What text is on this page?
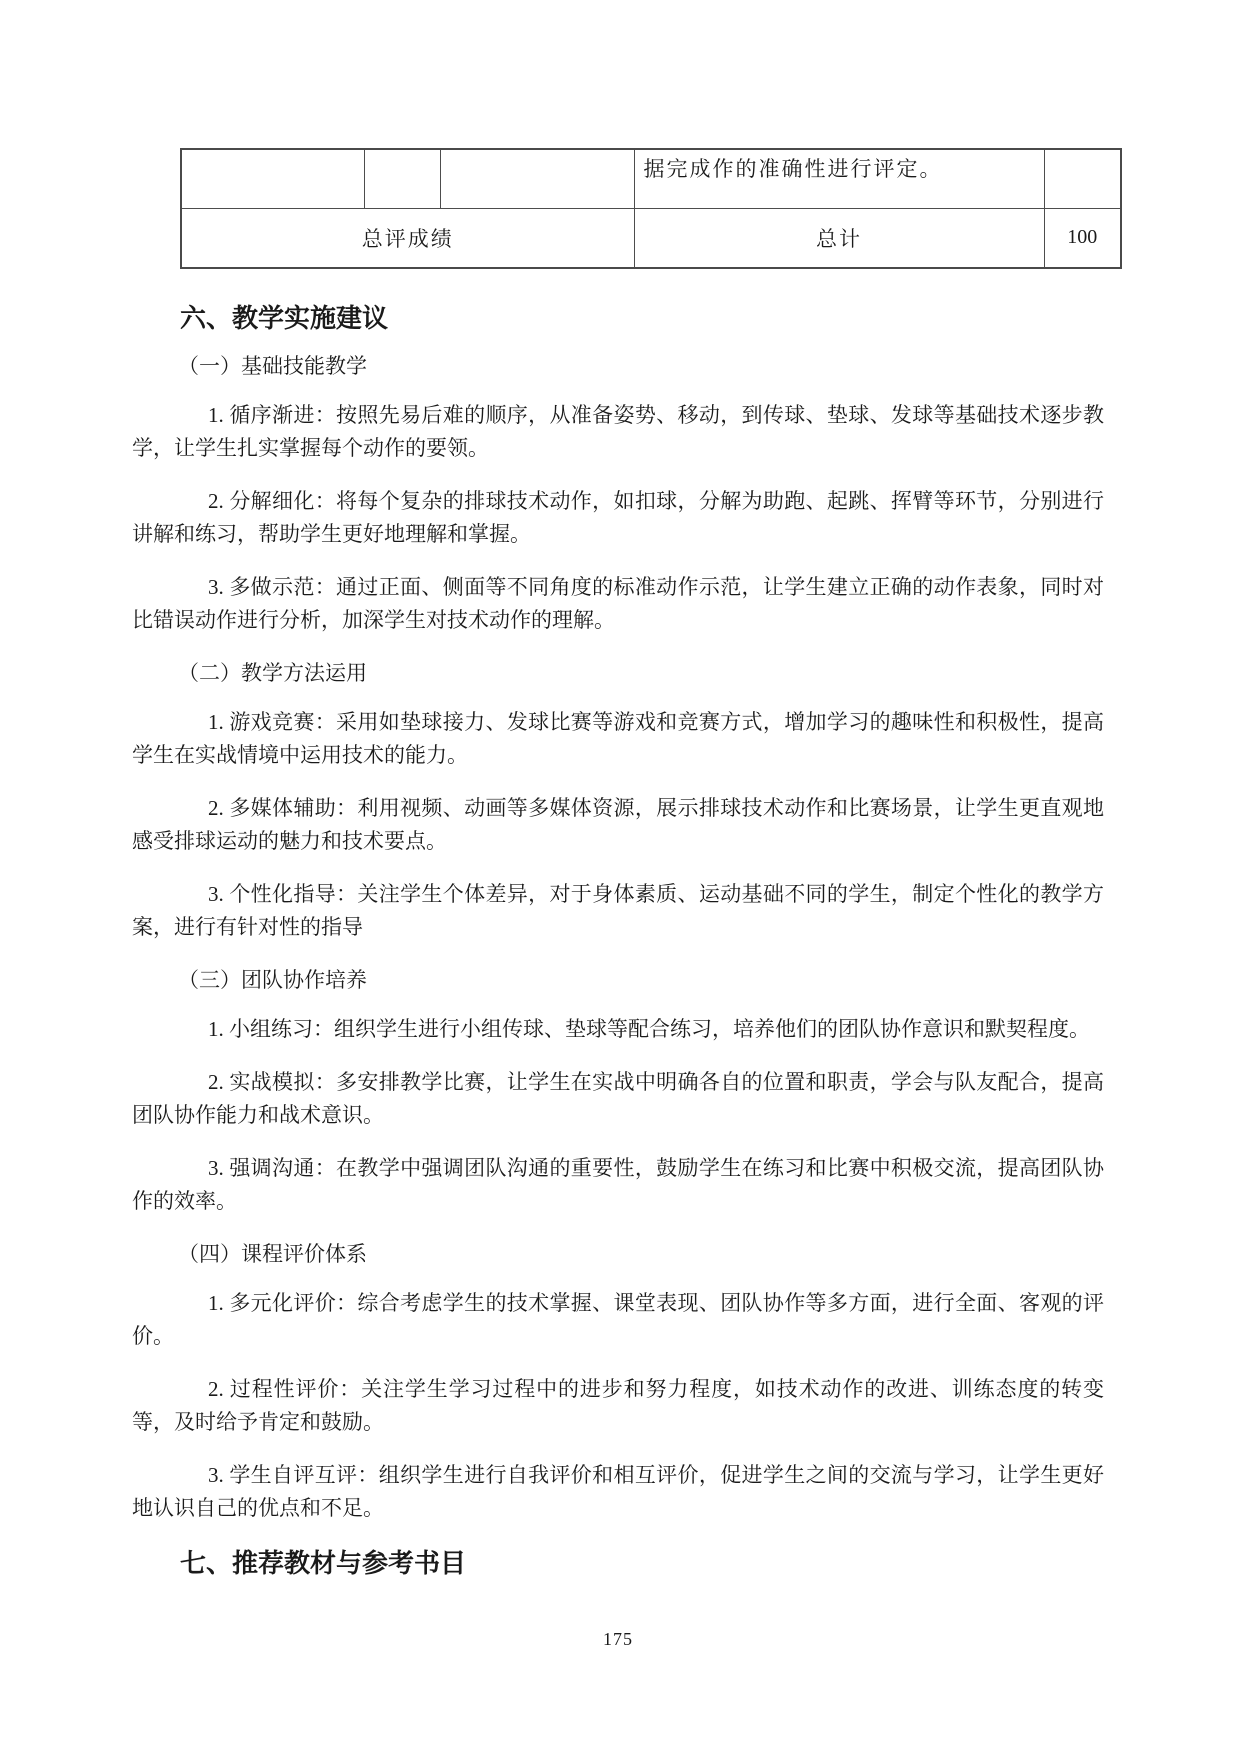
			据完成作的准确性进行评定。	
总评成绩			总计	100
六、教学实施建议

（一）基础技能教学

1. 循序渐进：按照先易后难的顺序，从准备姿势、移动，到传球、垫球、发球等基础技术逐步教学，让学生扎实掌握每个动作的要领。

2. 分解细化：将每个复杂的排球技术动作，如扣球，分解为助跑、起跳、挥臂等环节，分别进行讲解和练习，帮助学生更好地理解和掌握。

3. 多做示范：通过正面、侧面等不同角度的标准动作示范，让学生建立正确的动作表象，同时对比错误动作进行分析，加深学生对技术动作的理解。

（二）教学方法运用

1. 游戏竞赛：采用如垫球接力、发球比赛等游戏和竞赛方式，增加学习的趣味性和积极性，提高学生在实战情境中运用技术的能力。

2. 多媒体辅助：利用视频、动画等多媒体资源，展示排球技术动作和比赛场景，让学生更直观地感受排球运动的魅力和技术要点。

3. 个性化指导：关注学生个体差异，对于身体素质、运动基础不同的学生，制定个性化的教学方案，进行有针对性的指导

（三）团队协作培养

1. 小组练习：组织学生进行小组传球、垫球等配合练习，培养他们的团队协作意识和默契程度。

2. 实战模拟：多安排教学比赛，让学生在实战中明确各自的位置和职责，学会与队友配合，提高团队协作能力和战术意识。

3. 强调沟通：在教学中强调团队沟通的重要性，鼓励学生在练习和比赛中积极交流，提高团队协作的效率。

（四）课程评价体系

1. 多元化评价：综合考虑学生的技术掌握、课堂表现、团队协作等多方面，进行全面、客观的评价。

2. 过程性评价：关注学生学习过程中的进步和努力程度，如技术动作的改进、训练态度的转变等，及时给予肯定和鼓励。

3. 学生自评互评：组织学生进行自我评价和相互评价，促进学生之间的交流与学习，让学生更好地认识自己的优点和不足。

七、推荐教材与参考书目
175
